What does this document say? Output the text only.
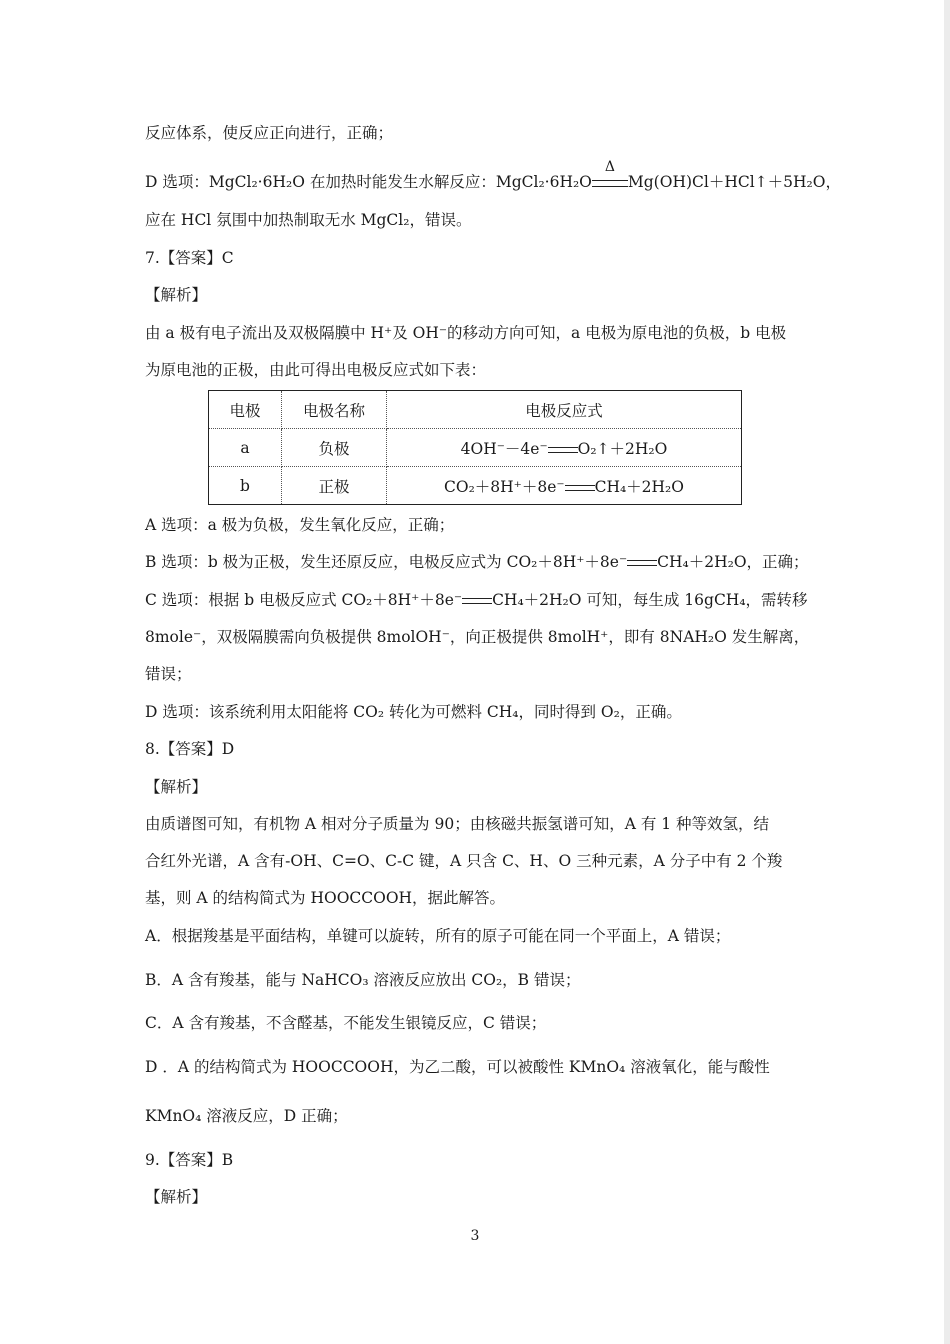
反应体系，使反应正向进行，正确；
D 选项：MgCl₂·6H₂O 在加热时能发生水解反应：MgCl₂·6H₂O
Δ
Mg(OH)Cl＋HCl↑＋5H₂O，
应在 HCl 氛围中加热制取无水 MgCl₂，错误。
7.【答案】C
【解析】
由 a 极有电子流出及双极隔膜中 H⁺及 OH⁻的移动方向可知，a 电极为原电池的负极，b 电极
为原电池的正极，由此可得出电极反应式如下表：
电极	电极名称	电极反应式
a	负极	4OH⁻－4e⁻ O₂↑＋2H₂O
b	正极	CO₂＋8H⁺＋8e⁻ CH₄＋2H₂O
A 选项：a 极为负极，发生氧化反应，正确；
B 选项：b 极为正极，发生还原反应，电极反应式为 CO₂＋8H⁺＋8e⁻ CH₄＋2H₂O，正确；
C 选项：根据 b 电极反应式 CO₂＋8H⁺＋8e⁻ CH₄＋2H₂O 可知，每生成 16gCH₄，需转移
8mole⁻，双极隔膜需向负极提供 8molOH⁻，向正极提供 8molH⁺，即有 8NAH₂O 发生解离，
错误；
D 选项：该系统利用太阳能将 CO₂ 转化为可燃料 CH₄，同时得到 O₂，正确。
8.【答案】D
【解析】
由质谱图可知，有机物 A 相对分子质量为 90；由核磁共振氢谱可知，A 有 1 种等效氢，结
合红外光谱，A 含有-OH、C=O、C-C 键，A 只含 C、H、O 三种元素，A 分子中有 2 个羧
基，则 A 的结构简式为 HOOCCOOH，据此解答。
A．根据羧基是平面结构，单键可以旋转，所有的原子可能在同一个平面上，A 错误；
B．A 含有羧基，能与 NaHCO₃ 溶液反应放出 CO₂，B 错误；
C．A 含有羧基，不含醛基，不能发生银镜反应，C 错误；
D ．A 的结构简式为 HOOCCOOH，为乙二酸，可以被酸性 KMnO₄ 溶液氧化，能与酸性
KMnO₄ 溶液反应，D 正确；
9.【答案】B
【解析】
3
